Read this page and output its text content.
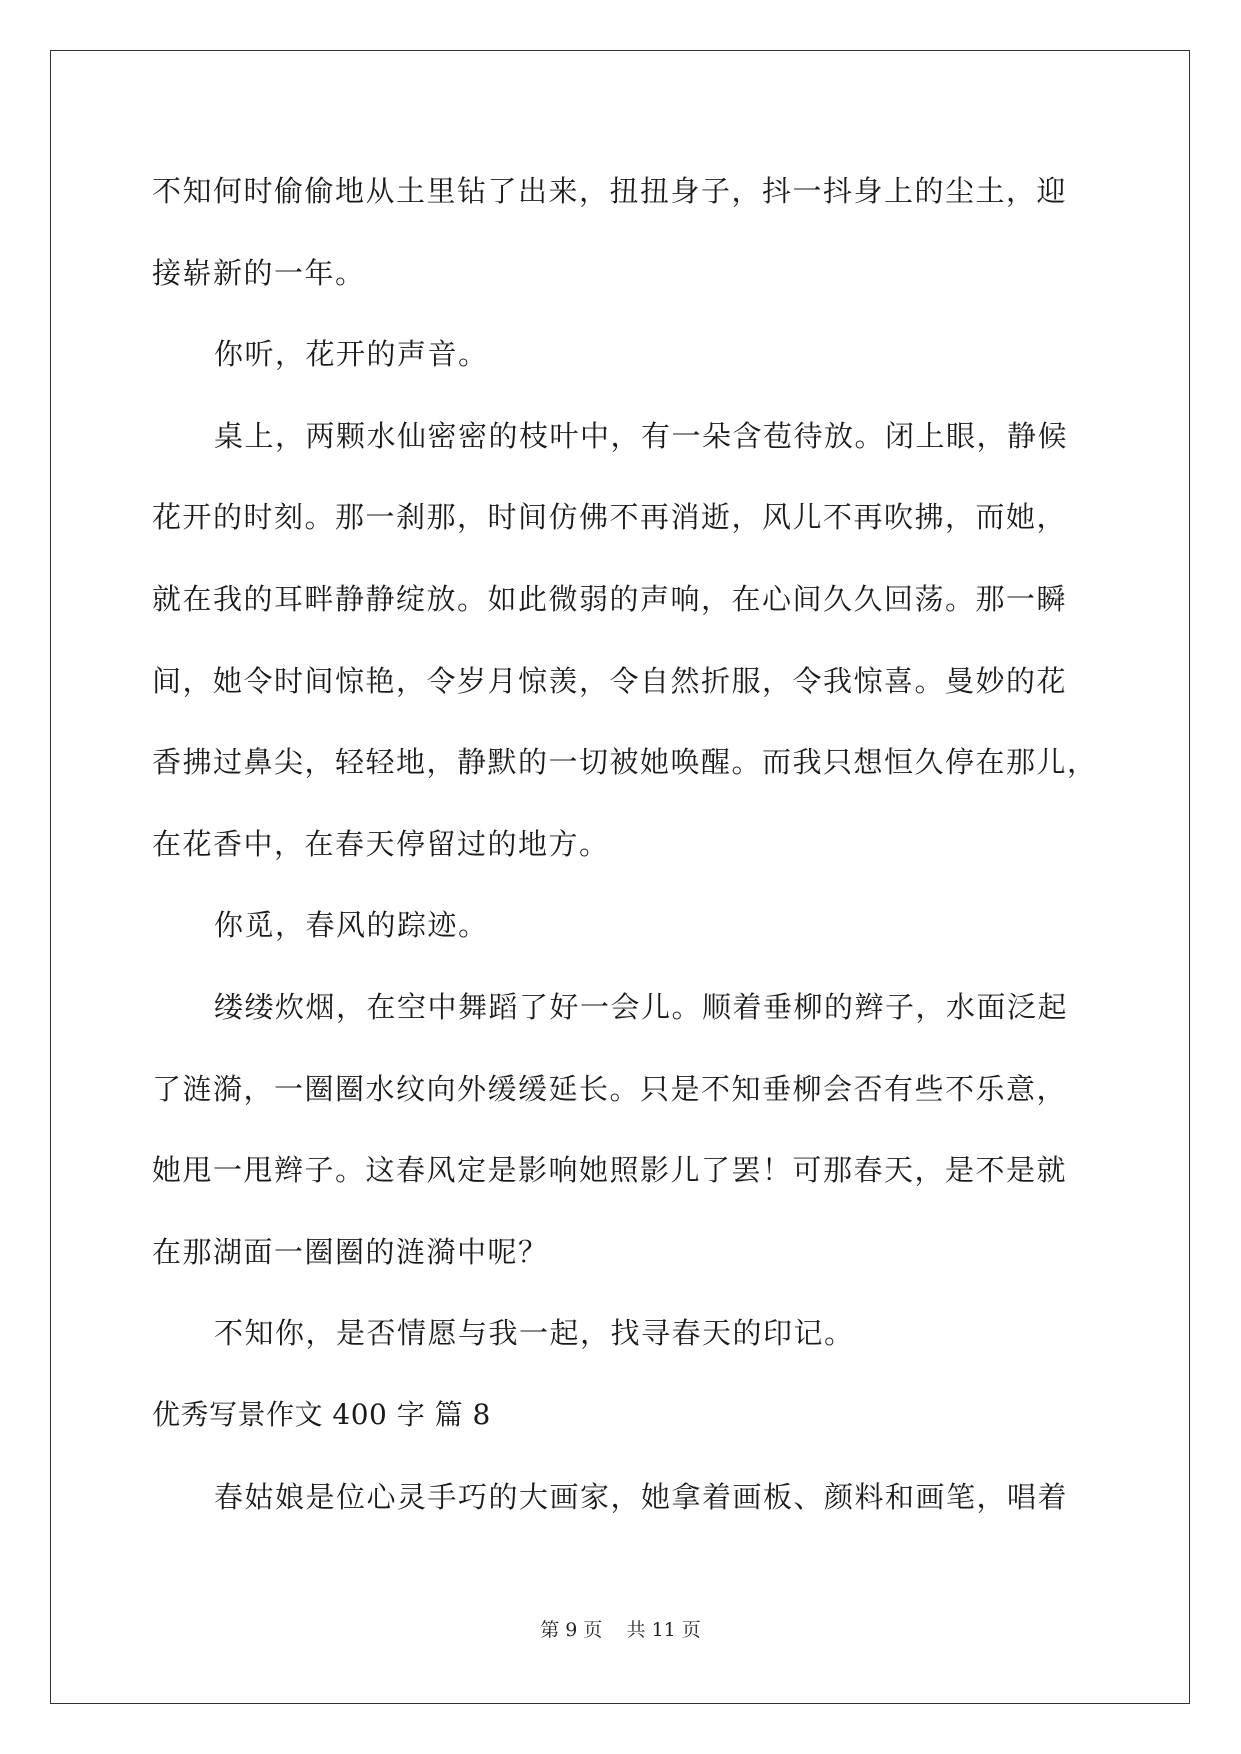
不知何时偷偷地从土里钻了出来，扭扭身子，抖一抖身上的尘土，迎
接崭新的一年。
你听，花开的声音。
桌上，两颗水仙密密的枝叶中，有一朵含苞待放。闭上眼，静候
花开的时刻。那一刹那，时间仿佛不再消逝，风儿不再吹拂，而她，
就在我的耳畔静静绽放。如此微弱的声响，在心间久久回荡。那一瞬
间，她令时间惊艳，令岁月惊羡，令自然折服，令我惊喜。曼妙的花
香拂过鼻尖，轻轻地，静默的一切被她唤醒。而我只想恒久停在那儿，
在花香中，在春天停留过的地方。
你觅，春风的踪迹。
缕缕炊烟，在空中舞蹈了好一会儿。顺着垂柳的辫子，水面泛起
了涟漪，一圈圈水纹向外缓缓延长。只是不知垂柳会否有些不乐意，
她甩一甩辫子。这春风定是影响她照影儿了罢！可那春天，是不是就
在那湖面一圈圈的涟漪中呢？
不知你，是否情愿与我一起，找寻春天的印记。
优秀写景作文 400 字 篇 8
春姑娘是位心灵手巧的大画家，她拿着画板、颜料和画笔，唱着
第 9 页    共 11 页
